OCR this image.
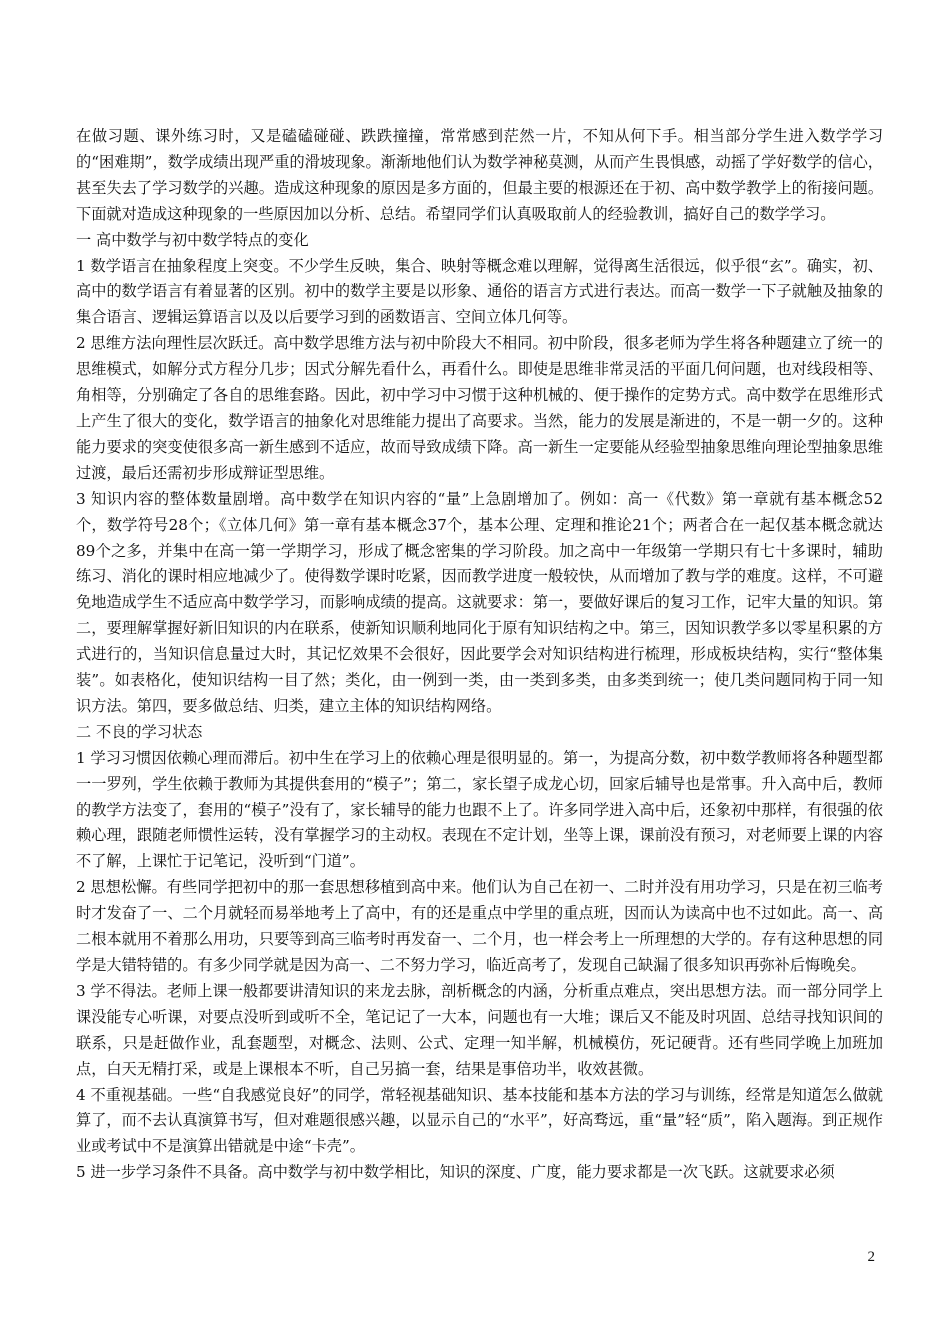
在做习题、课外练习时，又是磕磕碰碰、跌跌撞撞，常常感到茫然一片，不知从何下手。相当部分学生进入数学学习的“困难期”，数学成绩出现严重的滑坡现象。渐渐地他们认为数学神秘莫测，从而产生畏惧感，动摇了学好数学的信心，甚至失去了学习数学的兴趣。造成这种现象的原因是多方面的，但最主要的根源还在于初、高中数学教学上的衔接问题。下面就对造成这种现象的一些原因加以分析、总结。希望同学们认真吸取前人的经验教训，搞好自己的数学学习。

一 高中数学与初中数学特点的变化

1 数学语言在抽象程度上突变。不少学生反映，集合、映射等概念难以理解，觉得离生活很远，似乎很“玄”。确实，初、高中的数学语言有着显著的区别。初中的数学主要是以形象、通俗的语言方式进行表达。而高一数学一下子就触及抽象的集合语言、逻辑运算语言以及以后要学习到的函数语言、空间立体几何等。

2 思维方法向理性层次跃迁。高中数学思维方法与初中阶段大不相同。初中阶段，很多老师为学生将各种题建立了统一的思维模式，如解分式方程分几步；因式分解先看什么，再看什么。即使是思维非常灵活的平面几何问题，也对线段相等、角相等，分别确定了各自的思维套路。因此，初中学习中习惯于这种机械的、便于操作的定势方式。高中数学在思维形式上产生了很大的变化，数学语言的抽象化对思维能力提出了高要求。当然，能力的发展是渐进的，不是一朝一夕的。这种能力要求的突变使很多高一新生感到不适应，故而导致成绩下降。高一新生一定要能从经验型抽象思维向理论型抽象思维过渡，最后还需初步形成辩证型思维。

3 知识内容的整体数量剧增。高中数学在知识内容的“量”上急剧增加了。例如：高一《代数》第一章就有基本概念52个，数学符号28个；《立体几何》第一章有基本概念37个，基本公理、定理和推论21个；两者合在一起仅基本概念就达89个之多，并集中在高一第一学期学习，形成了概念密集的学习阶段。加之高中一年级第一学期只有七十多课时，辅助练习、消化的课时相应地减少了。使得数学课时吃紧，因而教学进度一般较快，从而增加了教与学的难度。这样，不可避免地造成学生不适应高中数学学习，而影响成绩的提高。这就要求：第一，要做好课后的复习工作，记牢大量的知识。第二，要理解掌握好新旧知识的内在联系，使新知识顺利地同化于原有知识结构之中。第三，因知识教学多以零星积累的方式进行的，当知识信息量过大时，其记忆效果不会很好，因此要学会对知识结构进行梳理，形成板块结构，实行“整体集装”。如表格化，使知识结构一目了然；类化，由一例到一类，由一类到多类，由多类到统一；使几类问题同构于同一知识方法。第四，要多做总结、归类，建立主体的知识结构网络。

二 不良的学习状态

1 学习习惯因依赖心理而滞后。初中生在学习上的依赖心理是很明显的。第一，为提高分数，初中数学教师将各种题型都一一罗列，学生依赖于教师为其提供套用的“模子”；第二，家长望子成龙心切，回家后辅导也是常事。升入高中后，教师的教学方法变了，套用的“模子”没有了，家长辅导的能力也跟不上了。许多同学进入高中后，还象初中那样，有很强的依赖心理，跟随老师惯性运转，没有掌握学习的主动权。表现在不定计划，坐等上课，课前没有预习，对老师要上课的内容不了解，上课忙于记笔记，没听到“门道”。

2 思想松懈。有些同学把初中的那一套思想移植到高中来。他们认为自己在初一、二时并没有用功学习，只是在初三临考时才发奋了一、二个月就轻而易举地考上了高中，有的还是重点中学里的重点班，因而认为读高中也不过如此。高一、高二根本就用不着那么用功，只要等到高三临考时再发奋一、二个月，也一样会考上一所理想的大学的。存有这种思想的同学是大错特错的。有多少同学就是因为高一、二不努力学习，临近高考了，发现自己缺漏了很多知识再弥补后悔晚矣。

3 学不得法。老师上课一般都要讲清知识的来龙去脉，剖析概念的内涵，分析重点难点，突出思想方法。而一部分同学上课没能专心听课，对要点没听到或听不全，笔记记了一大本，问题也有一大堆；课后又不能及时巩固、总结寻找知识间的联系，只是赶做作业，乱套题型，对概念、法则、公式、定理一知半解，机械模仿，死记硬背。还有些同学晚上加班加点，白天无精打采，或是上课根本不听，自己另搞一套，结果是事倍功半，收效甚微。

4 不重视基础。一些“自我感觉良好”的同学，常轻视基础知识、基本技能和基本方法的学习与训练，经常是知道怎么做就算了，而不去认真演算书写，但对难题很感兴趣，以显示自己的“水平”，好高骛远，重“量”轻“质”，陷入题海。到正规作业或考试中不是演算出错就是中途“卡壳”。

5 进一步学习条件不具备。高中数学与初中数学相比，知识的深度、广度，能力要求都是一次飞跃。这就要求必须

2
